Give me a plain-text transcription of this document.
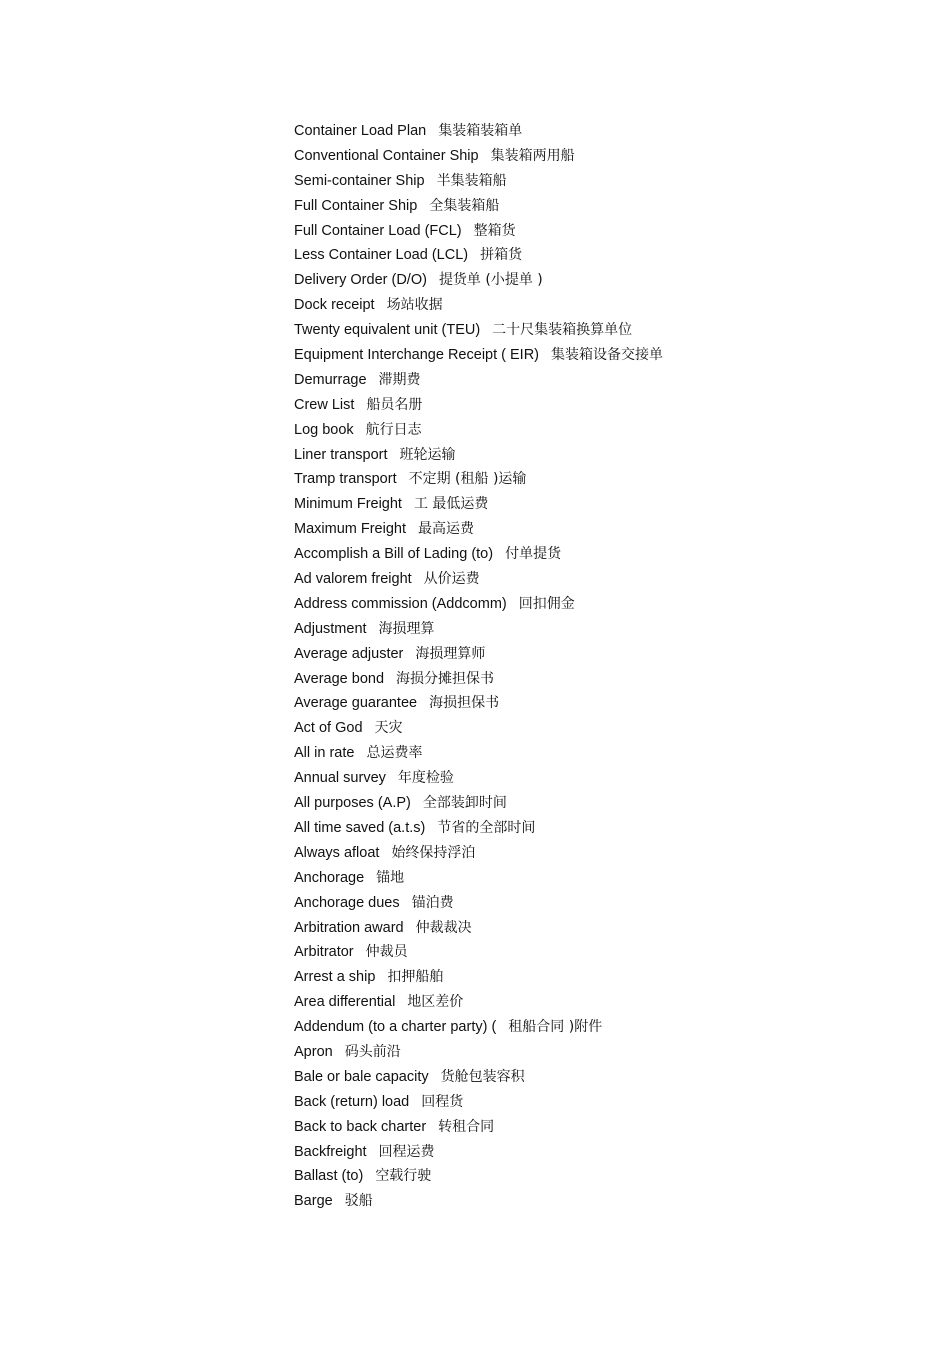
Container Load Plan 集装箱装箱单
Conventional Container Ship 集装箱两用船
Semi-container Ship 半集装箱船
Full Container Ship 全集装箱船
Full Container Load (FCL) 整箱货
Less Container Load (LCL) 拼箱货
Delivery Order (D/O) 提货单 (小提单 )
Dock receipt 场站收据
Twenty equivalent unit (TEU) 二十尺集装箱换算单位
Equipment Interchange Receipt ( EIR) 集装箱设备交接单
Demurrage 滞期费
Crew List 船员名册
Log book 航行日志
Liner transport 班轮运输
Tramp transport 不定期 (租船 )运输
Minimum Freight 工 最低运费
Maximum Freight 最高运费
Accomplish a Bill of Lading (to) 付单提货
Ad valorem freight 从价运费
Address commission (Addcomm) 回扣佣金
Adjustment 海损理算
Average adjuster 海损理算师
Average bond 海损分摊担保书
Average guarantee 海损担保书
Act of God 天灾
All in rate 总运费率
Annual survey 年度检验
All purposes (A.P) 全部装卸时间
All time saved (a.t.s) 节省的全部时间
Always afloat 始终保持浮泊
Anchorage 锚地
Anchorage dues 锚泊费
Arbitration award 仲裁裁决
Arbitrator 仲裁员
Arrest a ship 扣押船舶
Area differential 地区差价
Addendum (to a charter party) ( 租船合同 )附件
Apron 码头前沿
Bale or bale capacity 货舱包装容积
Back (return) load 回程货
Back to back charter 转租合同
Backfreight 回程运费
Ballast (to) 空载行驶
Barge 驳船
